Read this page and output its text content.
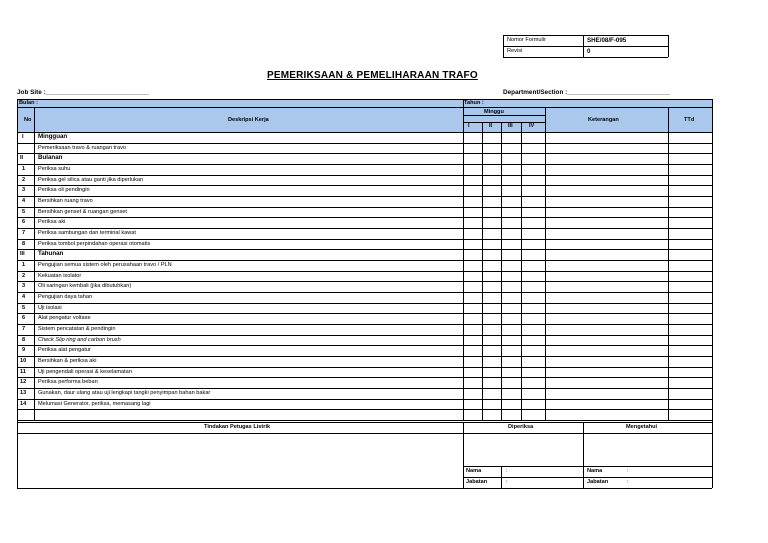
Nomor Formulir	SHE/08/F-095
Revisi	0
PEMERIKSAAN & PEMELIHARAAN TRAFO
Job Site :_____________________________	Department/Section :_____________________________
Bulan :	Tahun :
No	Deskripsi Kerja
Minggu
I	II	III	IV
Keterangan	TTd
I Mingguan
Pemeriksaan travo & ruangan travo
II Bulanan
1 Periksa suhu
2 Periksa gel silica atau ganti jika diperlukan
3 Periksa oli pendingin
4 Bersihkan ruang travo
5 Bersihkan genset & ruangan genset
6 Periksa aki
7 Periksa sambungan dan terminal kawat
8 Periksa tombol perpindahan operasi otomatis
III Tahunan
1 Pengujian semua sistem oleh perusahaan travo / PLN
2 Kekuatan isolator
3 Oli saringan kembali (jika dibutuhkan)
4 Pengujian daya tahan
5 Uji isolasi
6 Alat pengatur voltase
7 Sistem pencatatan & pendingin
8 Check Slip ring and carbon brush
9 Periksa alat pengatur
10 Bersihkan & periksa aki
11 Uji pengendali operasi & keselamatan
12 Periksa performa beban
13 Gunakan, daur ulang atau uji lengkapi tangki penyimpan bahan bakar
14 Melumasi Generator, periksa, memasang lagi
Tindakan Petugas Listrik	Diperiksa	Mengetahui
Nama	:
Jabatan	:
Nama	:
Jabatan	:
